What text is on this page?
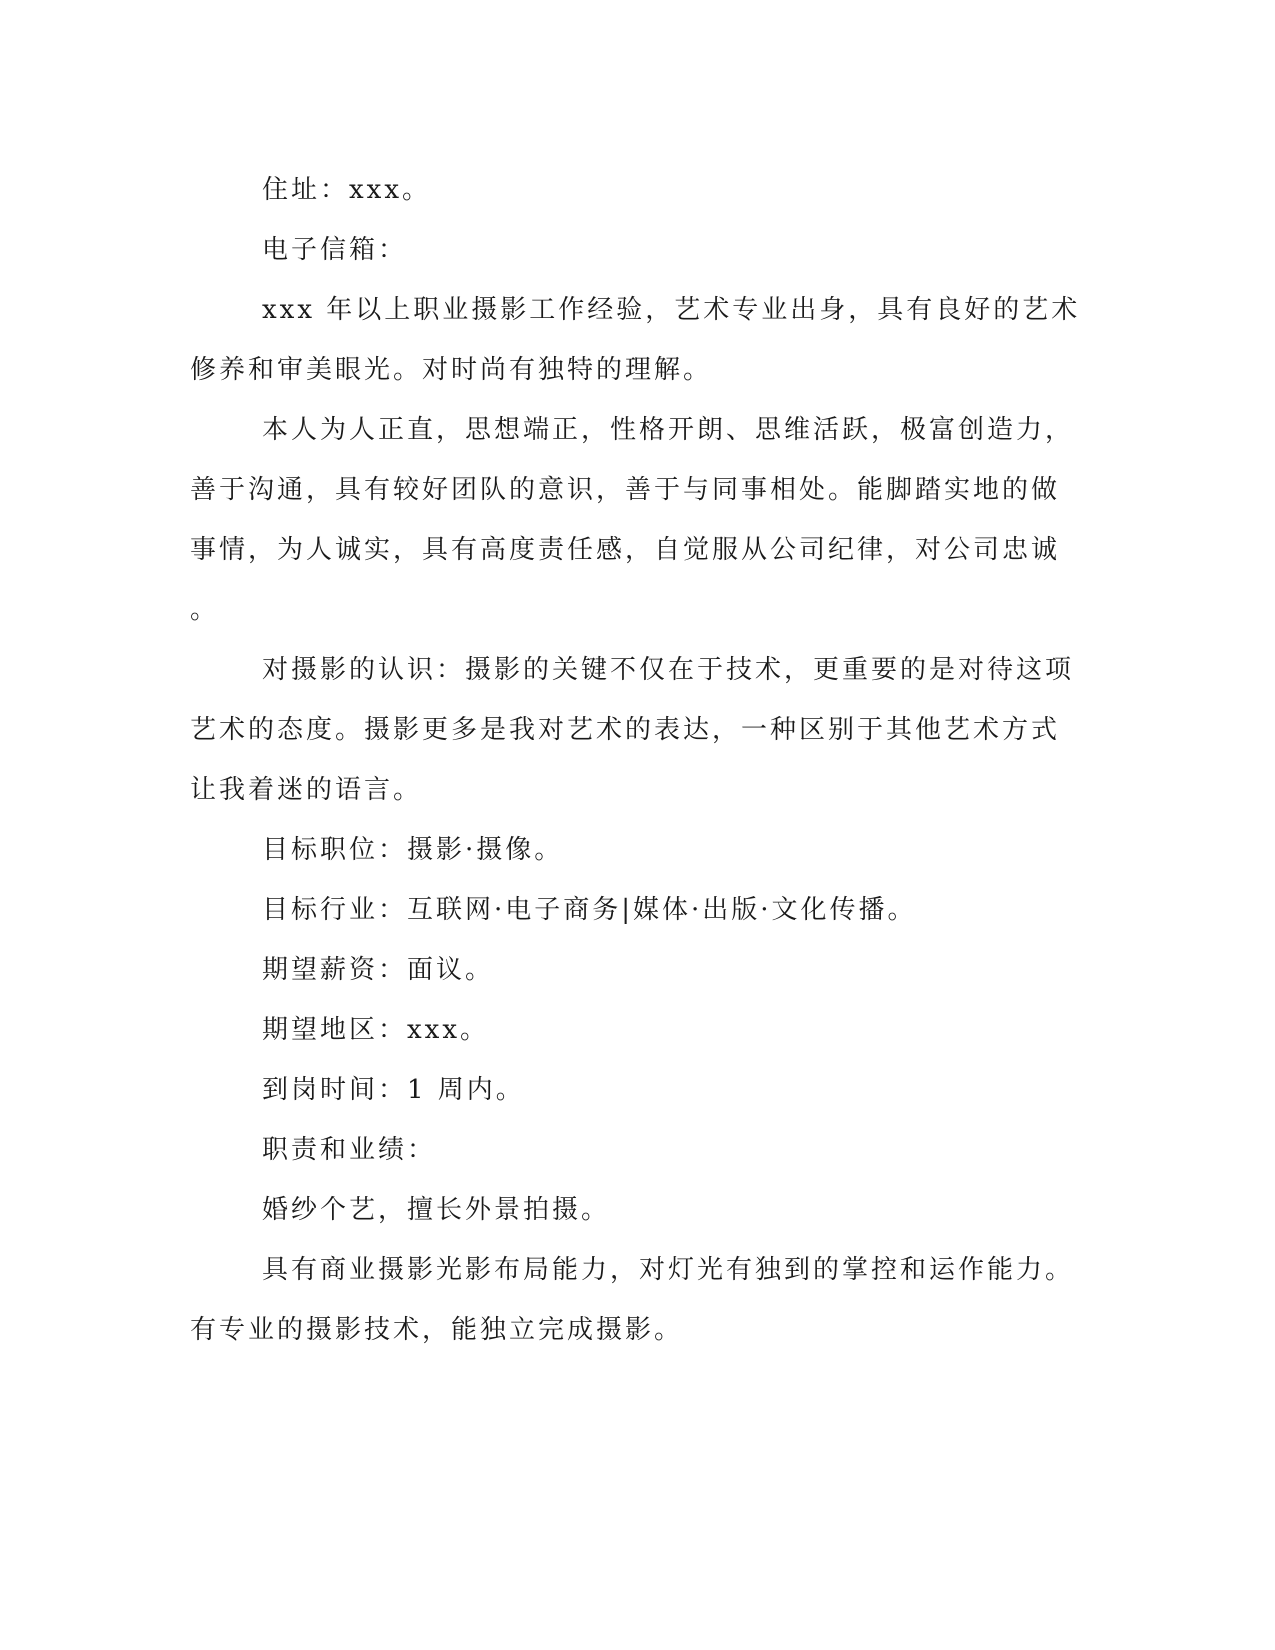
住址：xxx。

电子信箱：

xxx 年以上职业摄影工作经验，艺术专业出身，具有良好的艺术
修养和审美眼光。对时尚有独特的理解。
本人为人正直，思想端正，性格开朗、思维活跃，极富创造力，
善于沟通，具有较好团队的意识，善于与同事相处。能脚踏实地的做
事情，为人诚实，具有高度责任感，自觉服从公司纪律，对公司忠诚
。
对摄影的认识：摄影的关键不仅在于技术，更重要的是对待这项
艺术的态度。摄影更多是我对艺术的表达，一种区别于其他艺术方式
让我着迷的语言。

目标职位：摄影·摄像。

目标行业：互联网·电子商务|媒体·出版·文化传播。

期望薪资：面议。

期望地区：xxx。

到岗时间：1 周内。

职责和业绩：

婚纱个艺，擅长外景拍摄。

具有商业摄影光影布局能力，对灯光有独到的掌控和运作能力。
有专业的摄影技术，能独立完成摄影。
